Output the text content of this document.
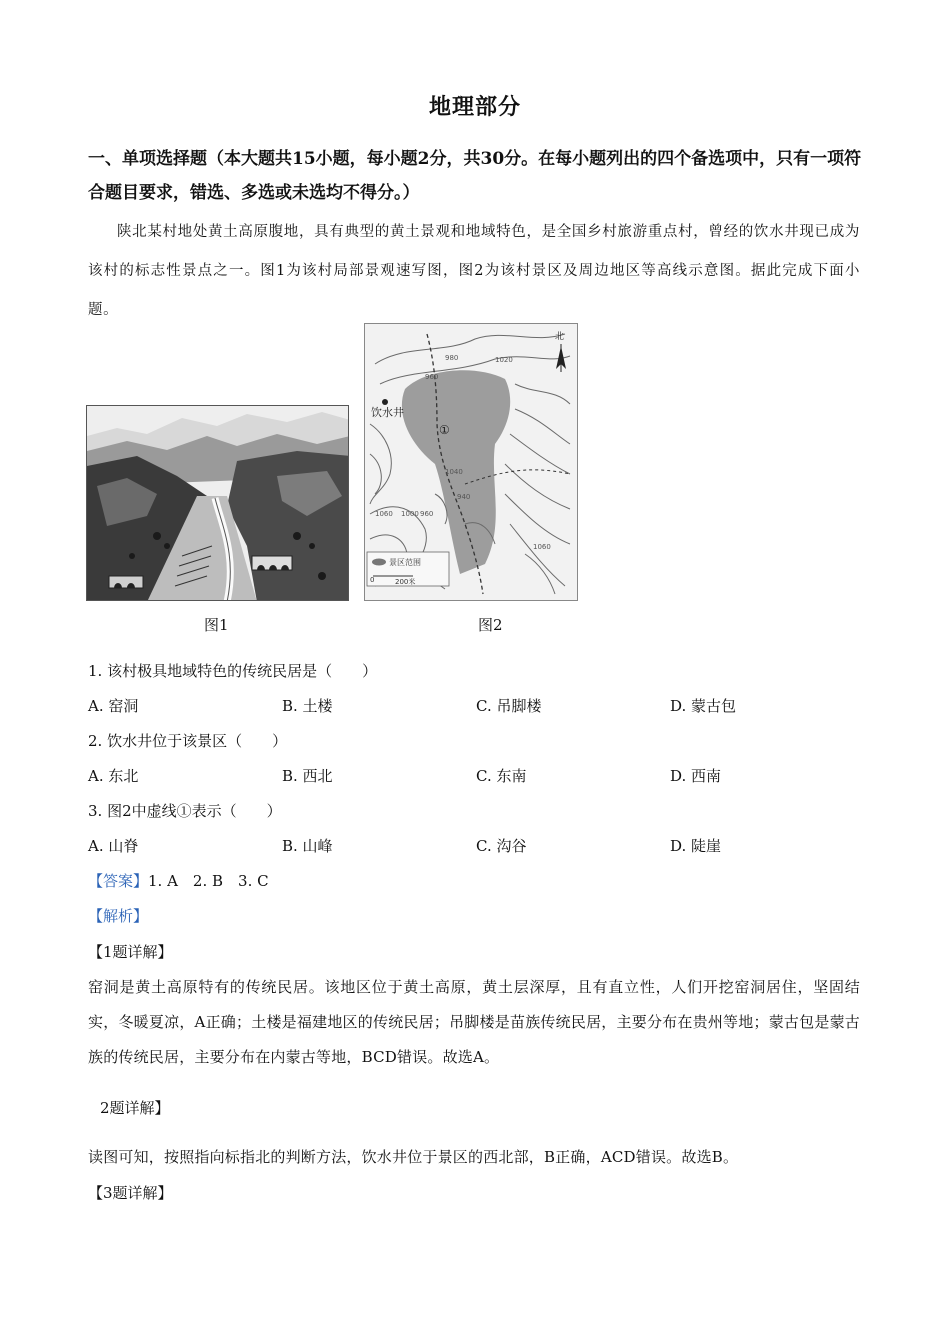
地理部分
一、单项选择题（本大题共15小题，每小题2分，共30分。在每小题列出的四个备选项中，只有一项符合题目要求，错选、多选或未选均不得分。）
陕北某村地处黄土高原腹地，具有典型的黄土景观和地域特色，是全国乡村旅游重点村，曾经的饮水井现已成为该村的标志性景点之一。图1为该村局部景观速写图，图2为该村景区及周边地区等高线示意图。据此完成下面小题。
饮水井
①
北
1020
980
960
1040
940
1060 1000
1060
960
景区范围
0	200米
图1	图2
1. 该村极具地域特色的传统民居是（　　）
A. 窑洞	B. 土楼	C. 吊脚楼	D. 蒙古包
2. 饮水井位于该景区（　　）
A. 东北	B. 西北	C. 东南	D. 西南
3. 图2中虚线①表示（　　）
A. 山脊	B. 山峰	C. 沟谷	D. 陡崖
【答案】1. A　2. B　3. C
【解析】
【1题详解】
窑洞是黄土高原特有的传统民居。该地区位于黄土高原，黄土层深厚，且有直立性，人们开挖窑洞居住，坚固结实，冬暖夏凉，A正确；土楼是福建地区的传统民居；吊脚楼是苗族传统民居，主要分布在贵州等地；蒙古包是蒙古族的传统民居，主要分布在内蒙古等地，BCD错误。故选A。
2题详解】
读图可知，按照指向标指北的判断方法，饮水井位于景区的西北部，B正确，ACD错误。故选B。
【3题详解】
